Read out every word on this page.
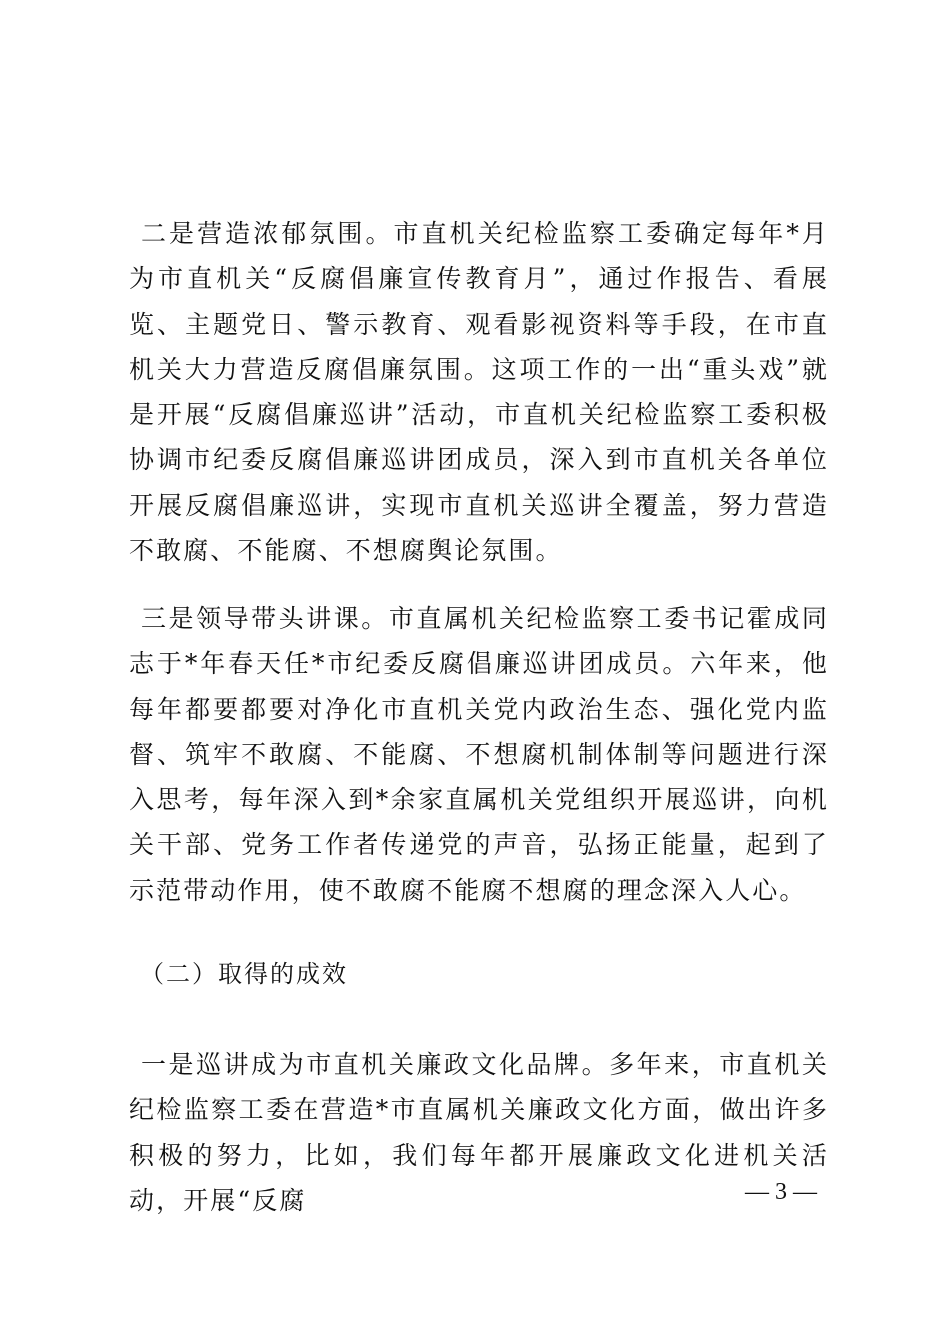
二是营造浓郁氛围。市直机关纪检监察工委确定每年*月为市直机关“反腐倡廉宣传教育月”，通过作报告、看展览、主题党日、警示教育、观看影视资料等手段，在市直机关大力营造反腐倡廉氛围。这项工作的一出“重头戏”就是开展“反腐倡廉巡讲”活动，市直机关纪检监察工委积极协调市纪委反腐倡廉巡讲团成员，深入到市直机关各单位开展反腐倡廉巡讲，实现市直机关巡讲全覆盖，努力营造不敢腐、不能腐、不想腐舆论氛围。

三是领导带头讲课。市直属机关纪检监察工委书记霍成同志于*年春天任*市纪委反腐倡廉巡讲团成员。六年来，他每年都要都要对净化市直机关党内政治生态、强化党内监督、筑牢不敢腐、不能腐、不想腐机制体制等问题进行深入思考，每年深入到*余家直属机关党组织开展巡讲，向机关干部、党务工作者传递党的声音，弘扬正能量，起到了示范带动作用，使不敢腐不能腐不想腐的理念深入人心。

（二）取得的成效

一是巡讲成为市直机关廉政文化品牌。多年来，市直机关纪检监察工委在营造*市直属机关廉政文化方面，做出许多积极的努力，比如，我们每年都开展廉政文化进机关活动，开展“反腐	— 3 —
